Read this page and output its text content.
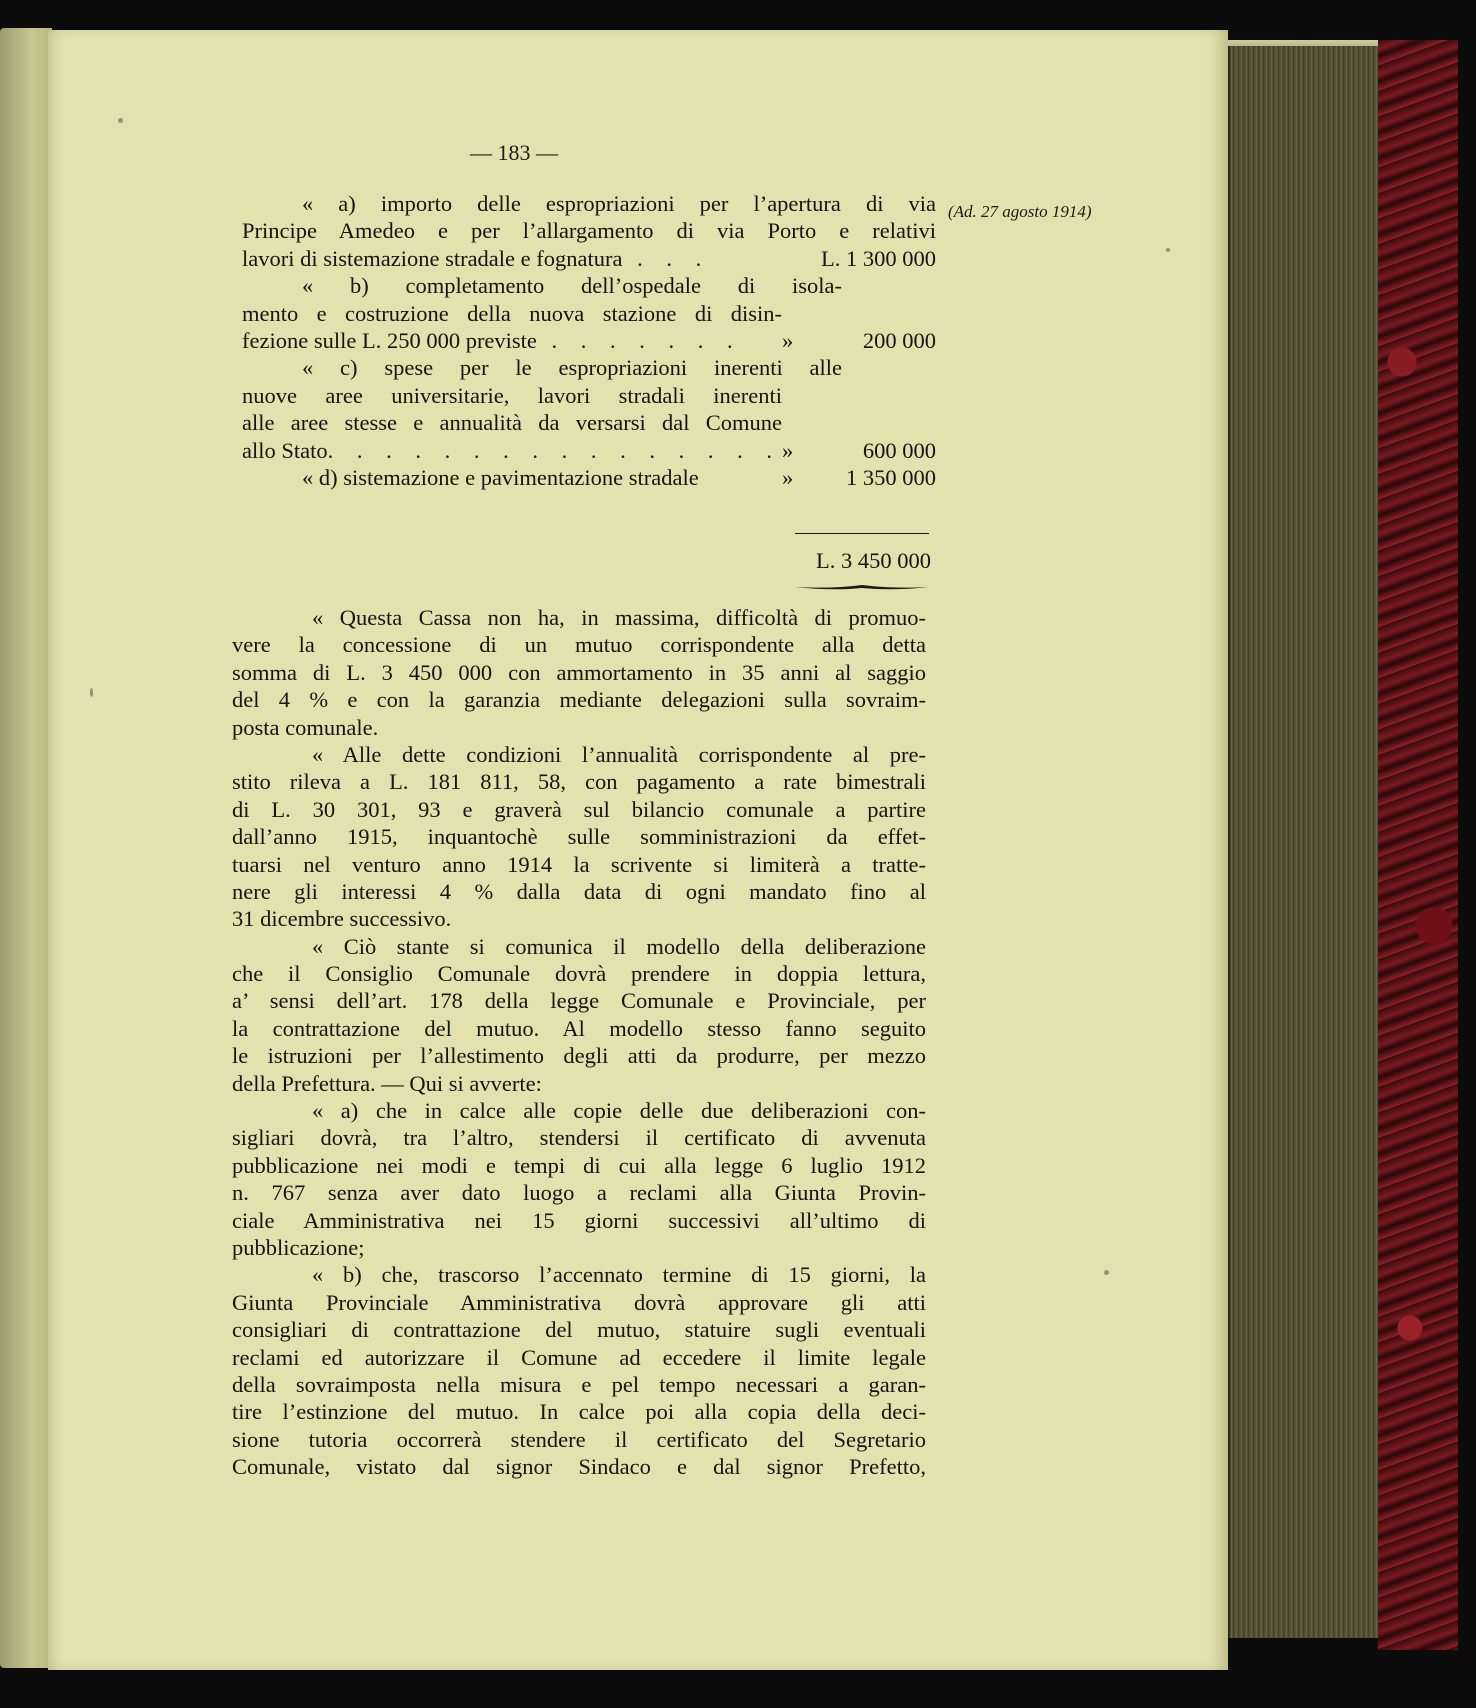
— 183 —
(Ad. 27 agosto 1914)
« a) importo delle espropriazioni per l’apertura di via
Principe Amedeo e per l’allargamento di via Porto e relativi
lavori di sistemazione stradale e fognatura . . .	L. 1 300 000
« b) completamento dell’ospedale di isola-
mento e costruzione della nuova stazione di disin-
fezione sulle L. 250 000 previste . . . . . . . »	200 000
« c) spese per le espropriazioni inerenti alle
nuove aree universitarie, lavori stradali inerenti
alle aree stesse e annualità da versarsi dal Comune
allo Stato. . . . . . . . . . . . . . . . »	600 000
« d) sistemazione e pavimentazione stradale	» 1 350 000
L. 3 450 000
« Questa Cassa non ha, in massima, difficoltà di promuo-
vere la concessione di un mutuo corrispondente alla detta
somma di L. 3 450 000 con ammortamento in 35 anni al saggio
del 4 % e con la garanzia mediante delegazioni sulla sovraim-
posta comunale.
« Alle dette condizioni l’annualità corrispondente al pre-
stito rileva a L. 181 811, 58, con pagamento a rate bimestrali
di L. 30 301, 93 e graverà sul bilancio comunale a partire
dall’anno 1915, inquantochè sulle somministrazioni da effet-
tuarsi nel venturo anno 1914 la scrivente si limiterà a tratte-
nere gli interessi 4 % dalla data di ogni mandato fino al
31 dicembre successivo.
« Ciò stante si comunica il modello della deliberazione
che il Consiglio Comunale dovrà prendere in doppia lettura,
a’ sensi dell’art. 178 della legge Comunale e Provinciale, per
la contrattazione del mutuo. Al modello stesso fanno seguito
le istruzioni per l’allestimento degli atti da produrre, per mezzo
della Prefettura. — Qui si avverte:
« a) che in calce alle copie delle due deliberazioni con-
sigliari dovrà, tra l’altro, stendersi il certificato di avvenuta
pubblicazione nei modi e tempi di cui alla legge 6 luglio 1912
n. 767 senza aver dato luogo a reclami alla Giunta Provin-
ciale Amministrativa nei 15 giorni successivi all’ultimo di
pubblicazione;
« b) che, trascorso l’accennato termine di 15 giorni, la
Giunta Provinciale Amministrativa dovrà approvare gli atti
consigliari di contrattazione del mutuo, statuire sugli eventuali
reclami ed autorizzare il Comune ad eccedere il limite legale
della sovraimposta nella misura e pel tempo necessari a garan-
tire l’estinzione del mutuo. In calce poi alla copia della deci-
sione tutoria occorrerà stendere il certificato del Segretario
Comunale, vistato dal signor Sindaco e dal signor Prefetto,
